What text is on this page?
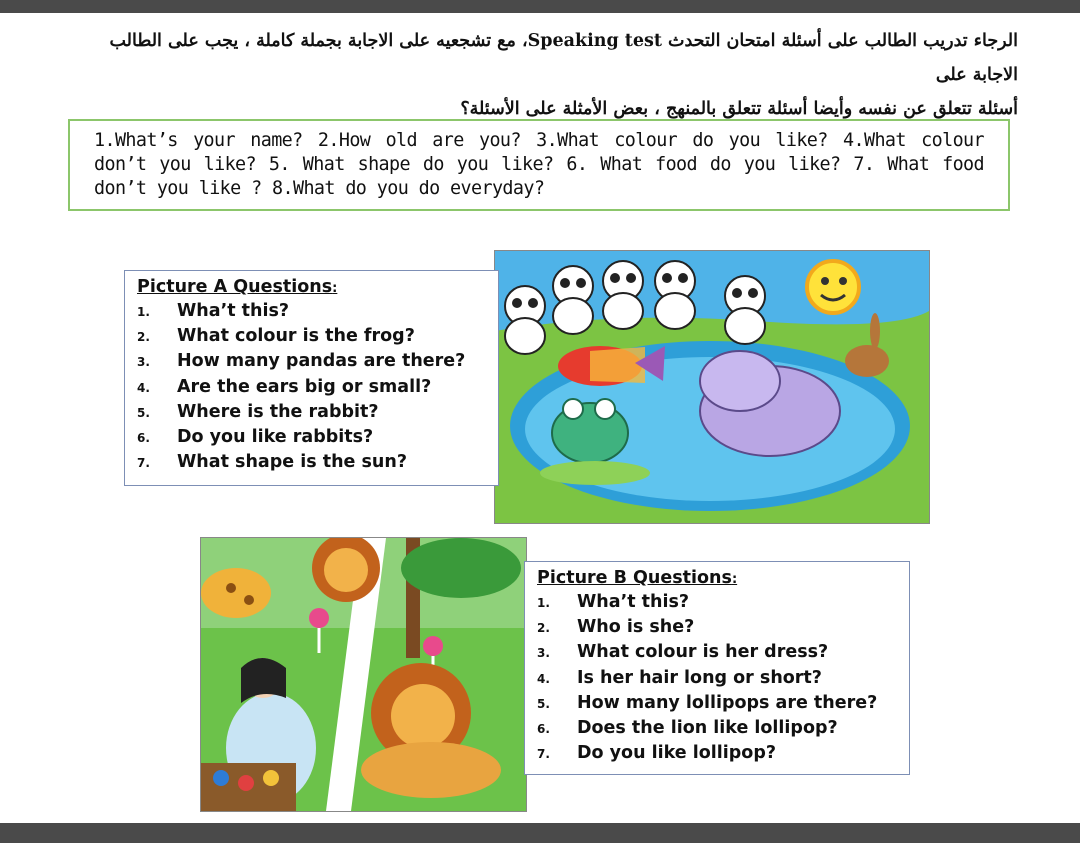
الرجاء تدريب الطالب على أسئلة امتحان التحدث Speaking test، مع تشجعيه على الاجابة بجملة كاملة ، يجب على الطالب الاجابة على
أسئلة تتعلق عن نفسه وأيضا أسئلة تتعلق بالمنهج ، بعض الأمثلة على الأسئلة؟

1.What’s your name? 2.How old are you? 3.What colour do you like? 4.What colour don’t you like? 5. What shape do you like? 6. What food do you like? 7. What food don’t you like ? 8.What do you do everyday?

Picture A Questions:
1. Wha’t this?
2. What colour is the frog?
3. How many pandas are there?
4. Are the ears big or small?
5. Where is the rabbit?
6. Do you like rabbits?
7. What shape is the sun?
Picture B Questions:
1. Wha’t this?
2. Who is she?
3. What colour is her dress?
4. Is her hair long or short?
5. How many lollipops are there?
6. Does the lion like lollipop?
7. Do you like lollipop?
